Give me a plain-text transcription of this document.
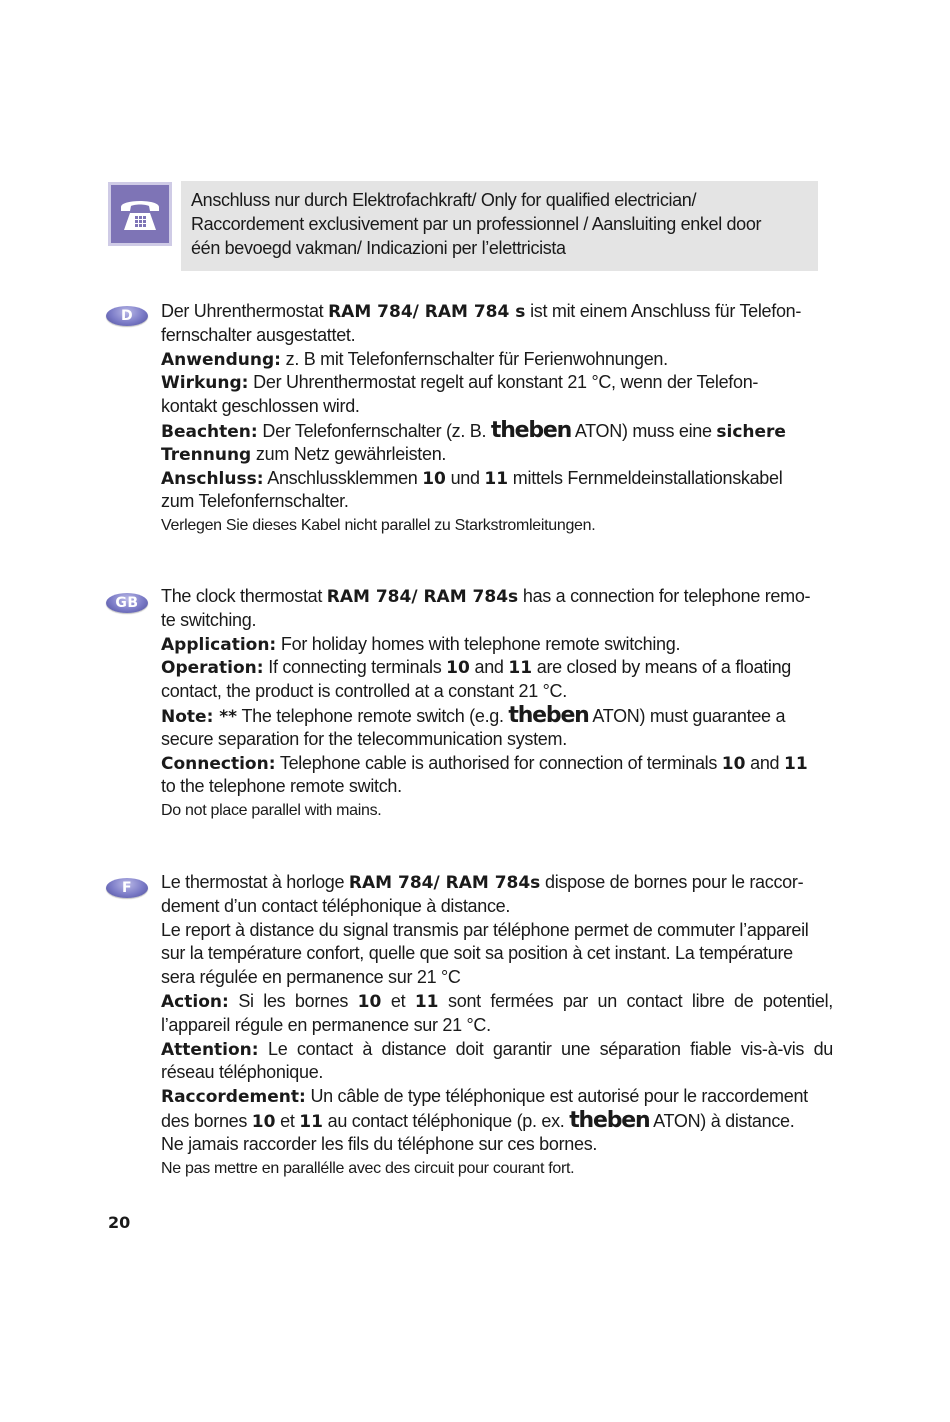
Anschluss nur durch Elektrofachkraft/ Only for qualified electrician/
Raccordement exclusivement par un professionnel / Aansluiting enkel door
één bevoegd vakman/ Indicazioni per l’elettricista
D	Der Uhrenthermostat RAM 784/ RAM 784 s ist mit einem Anschluss für Telefon-
fernschalter ausgestattet.
Anwendung: z. B mit Telefonfernschalter für Ferienwohnungen.
Wirkung: Der Uhrenthermostat regelt auf konstant 21 °C, wenn der Telefon-
kontakt geschlossen wird.
Beachten: Der Telefonfernschalter (z. B. theben ATON) muss eine sichere
Trennung zum Netz gewährleisten.
Anschluss: Anschlussklemmen 10 und 11 mittels Fernmeldeinstallationskabel
zum Telefonfernschalter.
Verlegen Sie dieses Kabel nicht parallel zu Starkstromleitungen.
GB	The clock thermostat RAM 784/ RAM 784s has a connection for telephone remo-
te switching.
Application: For holiday homes with telephone remote switching.
Operation: If connecting terminals 10 and 11 are closed by means of a floating
contact, the product is controlled at a constant 21 °C.
Note: ** The telephone remote switch (e.g. theben ATON) must guarantee a
secure separation for the telecommunication system.
Connection: Telephone cable is authorised for connection of terminals 10 and 11
to the telephone remote switch.
Do not place parallel with mains.
F	Le thermostat à horloge RAM 784/ RAM 784s dispose de bornes pour le raccor-
dement d’un contact téléphonique à distance.
Le report à distance du signal transmis par téléphone permet de commuter l’appareil
sur la température confort, quelle que soit sa position à cet instant. La température
sera régulée en permanence sur 21 °C
Action: Si les bornes 10 et 11 sont fermées par un contact libre de potentiel,
l’appareil régule en permanence sur 21 °C.
Attention: Le contact à distance doit garantir une séparation fiable vis-à-vis du
réseau téléphonique.
Raccordement: Un câble de type téléphonique est autorisé pour le raccordement
des bornes 10 et 11 au contact téléphonique (p. ex. theben ATON) à distance.
Ne jamais raccorder les fils du téléphone sur ces bornes.
Ne pas mettre en parallélle avec des circuit pour courant fort.
20
